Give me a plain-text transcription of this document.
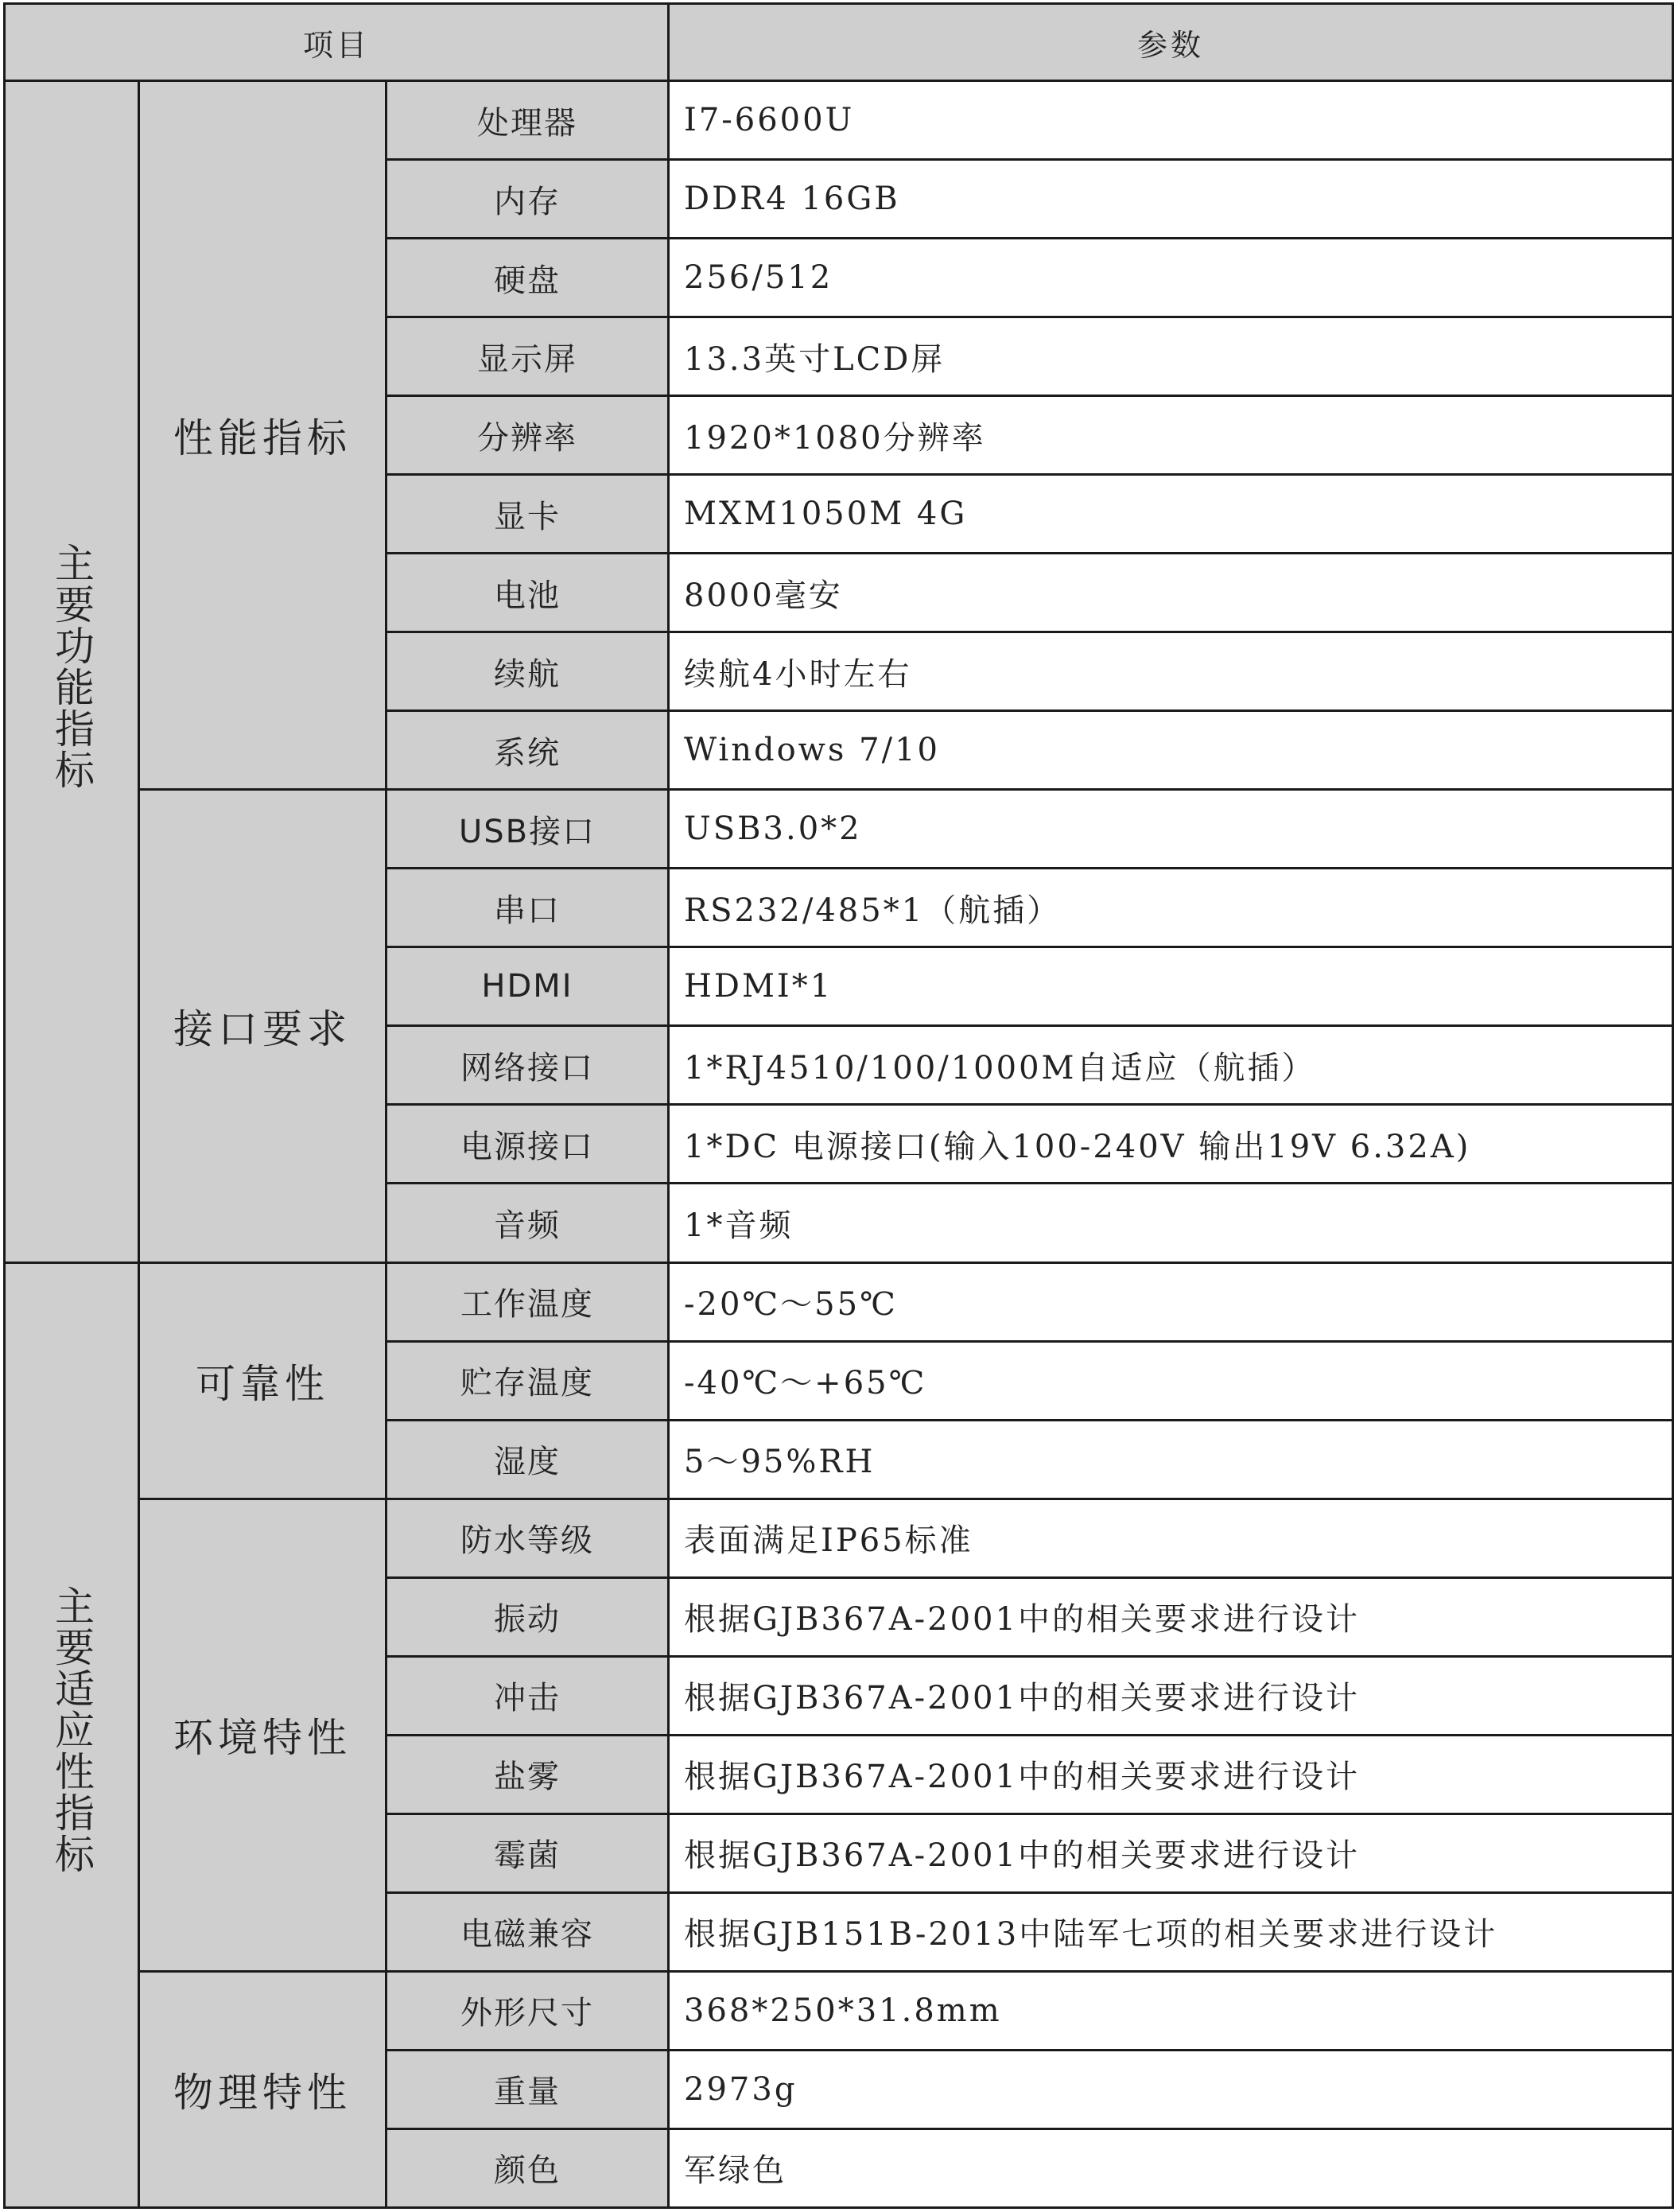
项目			参数
主要功能指标	性能指标	处理器	I7-6600U
		内存	DDR4 16GB
		硬盘	256/512
		显示屏	13.3英寸LCD屏
		分辨率	1920*1080分辨率
		显卡	MXM1050M 4G
		电池	8000毫安
		续航	续航4小时左右
		系统	Windows 7/10
	接口要求	USB接口	USB3.0*2
		串口	RS232/485*1（航插）
		HDMI	HDMI*1
		网络接口	1*RJ4510/100/1000M自适应（航插）
		电源接口	1*DC 电源接口(输入100-240V 输出19V 6.32A)
		音频	1*音频
主要适应性指标	可靠性	工作温度	-20℃～55℃
		贮存温度	-40℃～+65℃
		湿度	5～95%RH
	环境特性	防水等级	表面满足IP65标准
		振动	根据GJB367A-2001中的相关要求进行设计
		冲击	根据GJB367A-2001中的相关要求进行设计
		盐雾	根据GJB367A-2001中的相关要求进行设计
		霉菌	根据GJB367A-2001中的相关要求进行设计
		电磁兼容	根据GJB151B-2013中陆军七项的相关要求进行设计
	物理特性	外形尺寸	368*250*31.8mm
		重量	2973g
		颜色	军绿色
